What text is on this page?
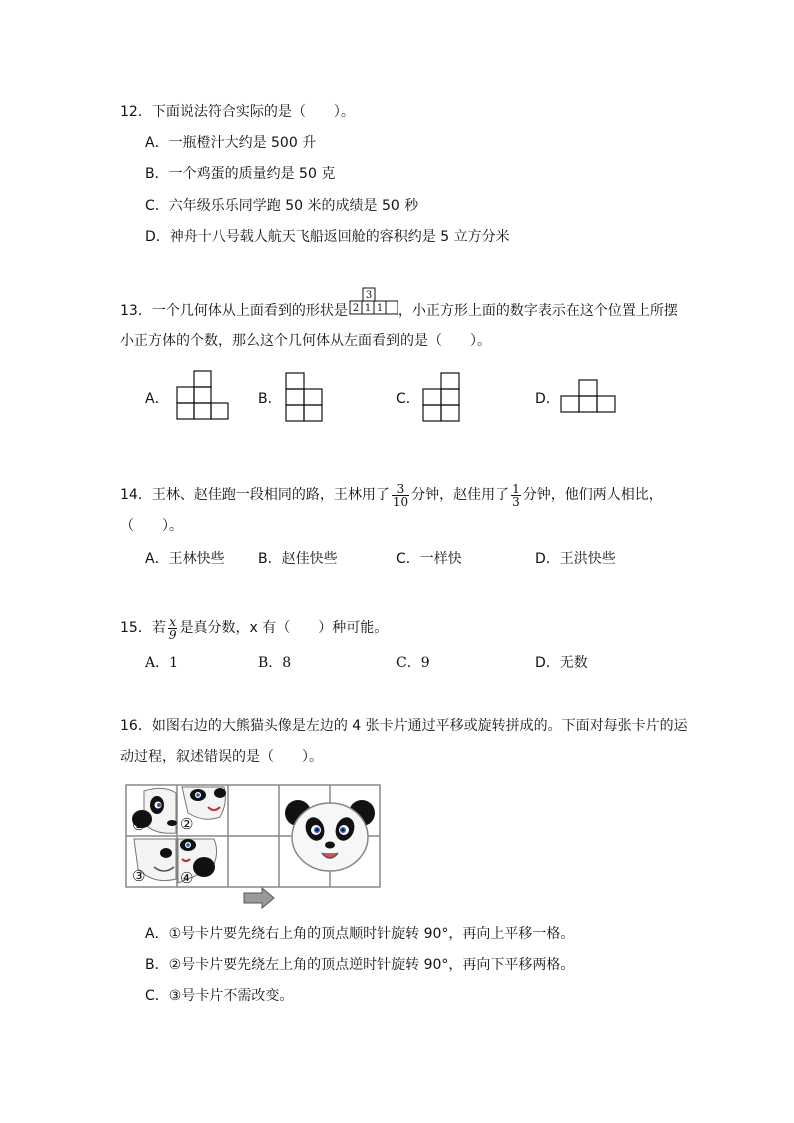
12．下面说法符合实际的是（　　）。
A．一瓶橙汁大约是 500 升
B．一个鸡蛋的质量约是 50 克
C．六年级乐乐同学跑 50 米的成绩是 50 秒
D．神舟十八号载人航天飞船返回舱的容积约是 5 立方分米
13．一个几何体从上面看到的形状是
3
2 1 1 ，小正方形上面的数字表示在这个位置上所摆
小正方体的个数，那么这个几何体从左面看到的是（　　）。
A．	B．	C．	D．
14．王林、赵佳跑一段相同的路，王林用了 $\frac{3}{10}$ 分钟，赵佳用了 $\frac{1}{3}$ 分钟，他们两人相比，
（　　）。
A．王林快些 B．赵佳快些	C．一样快	D．王洪快些
15．若 $\frac{x}{9}$ 是真分数，x 有（　　）种可能。
A．1	B．8	C．9	D．无数
16．如图右边的大熊猫头像是左边的 4 张卡片通过平移或旋转拼成的。下面对每张卡片的运
动过程，叙述错误的是（　　）。
① ②
③ ④
A．①号卡片要先绕右上角的顶点顺时针旋转 90°，再向上平移一格。
B．②号卡片要先绕左上角的顶点逆时针旋转 90°，再向下平移两格。
C．③号卡片不需改变。
